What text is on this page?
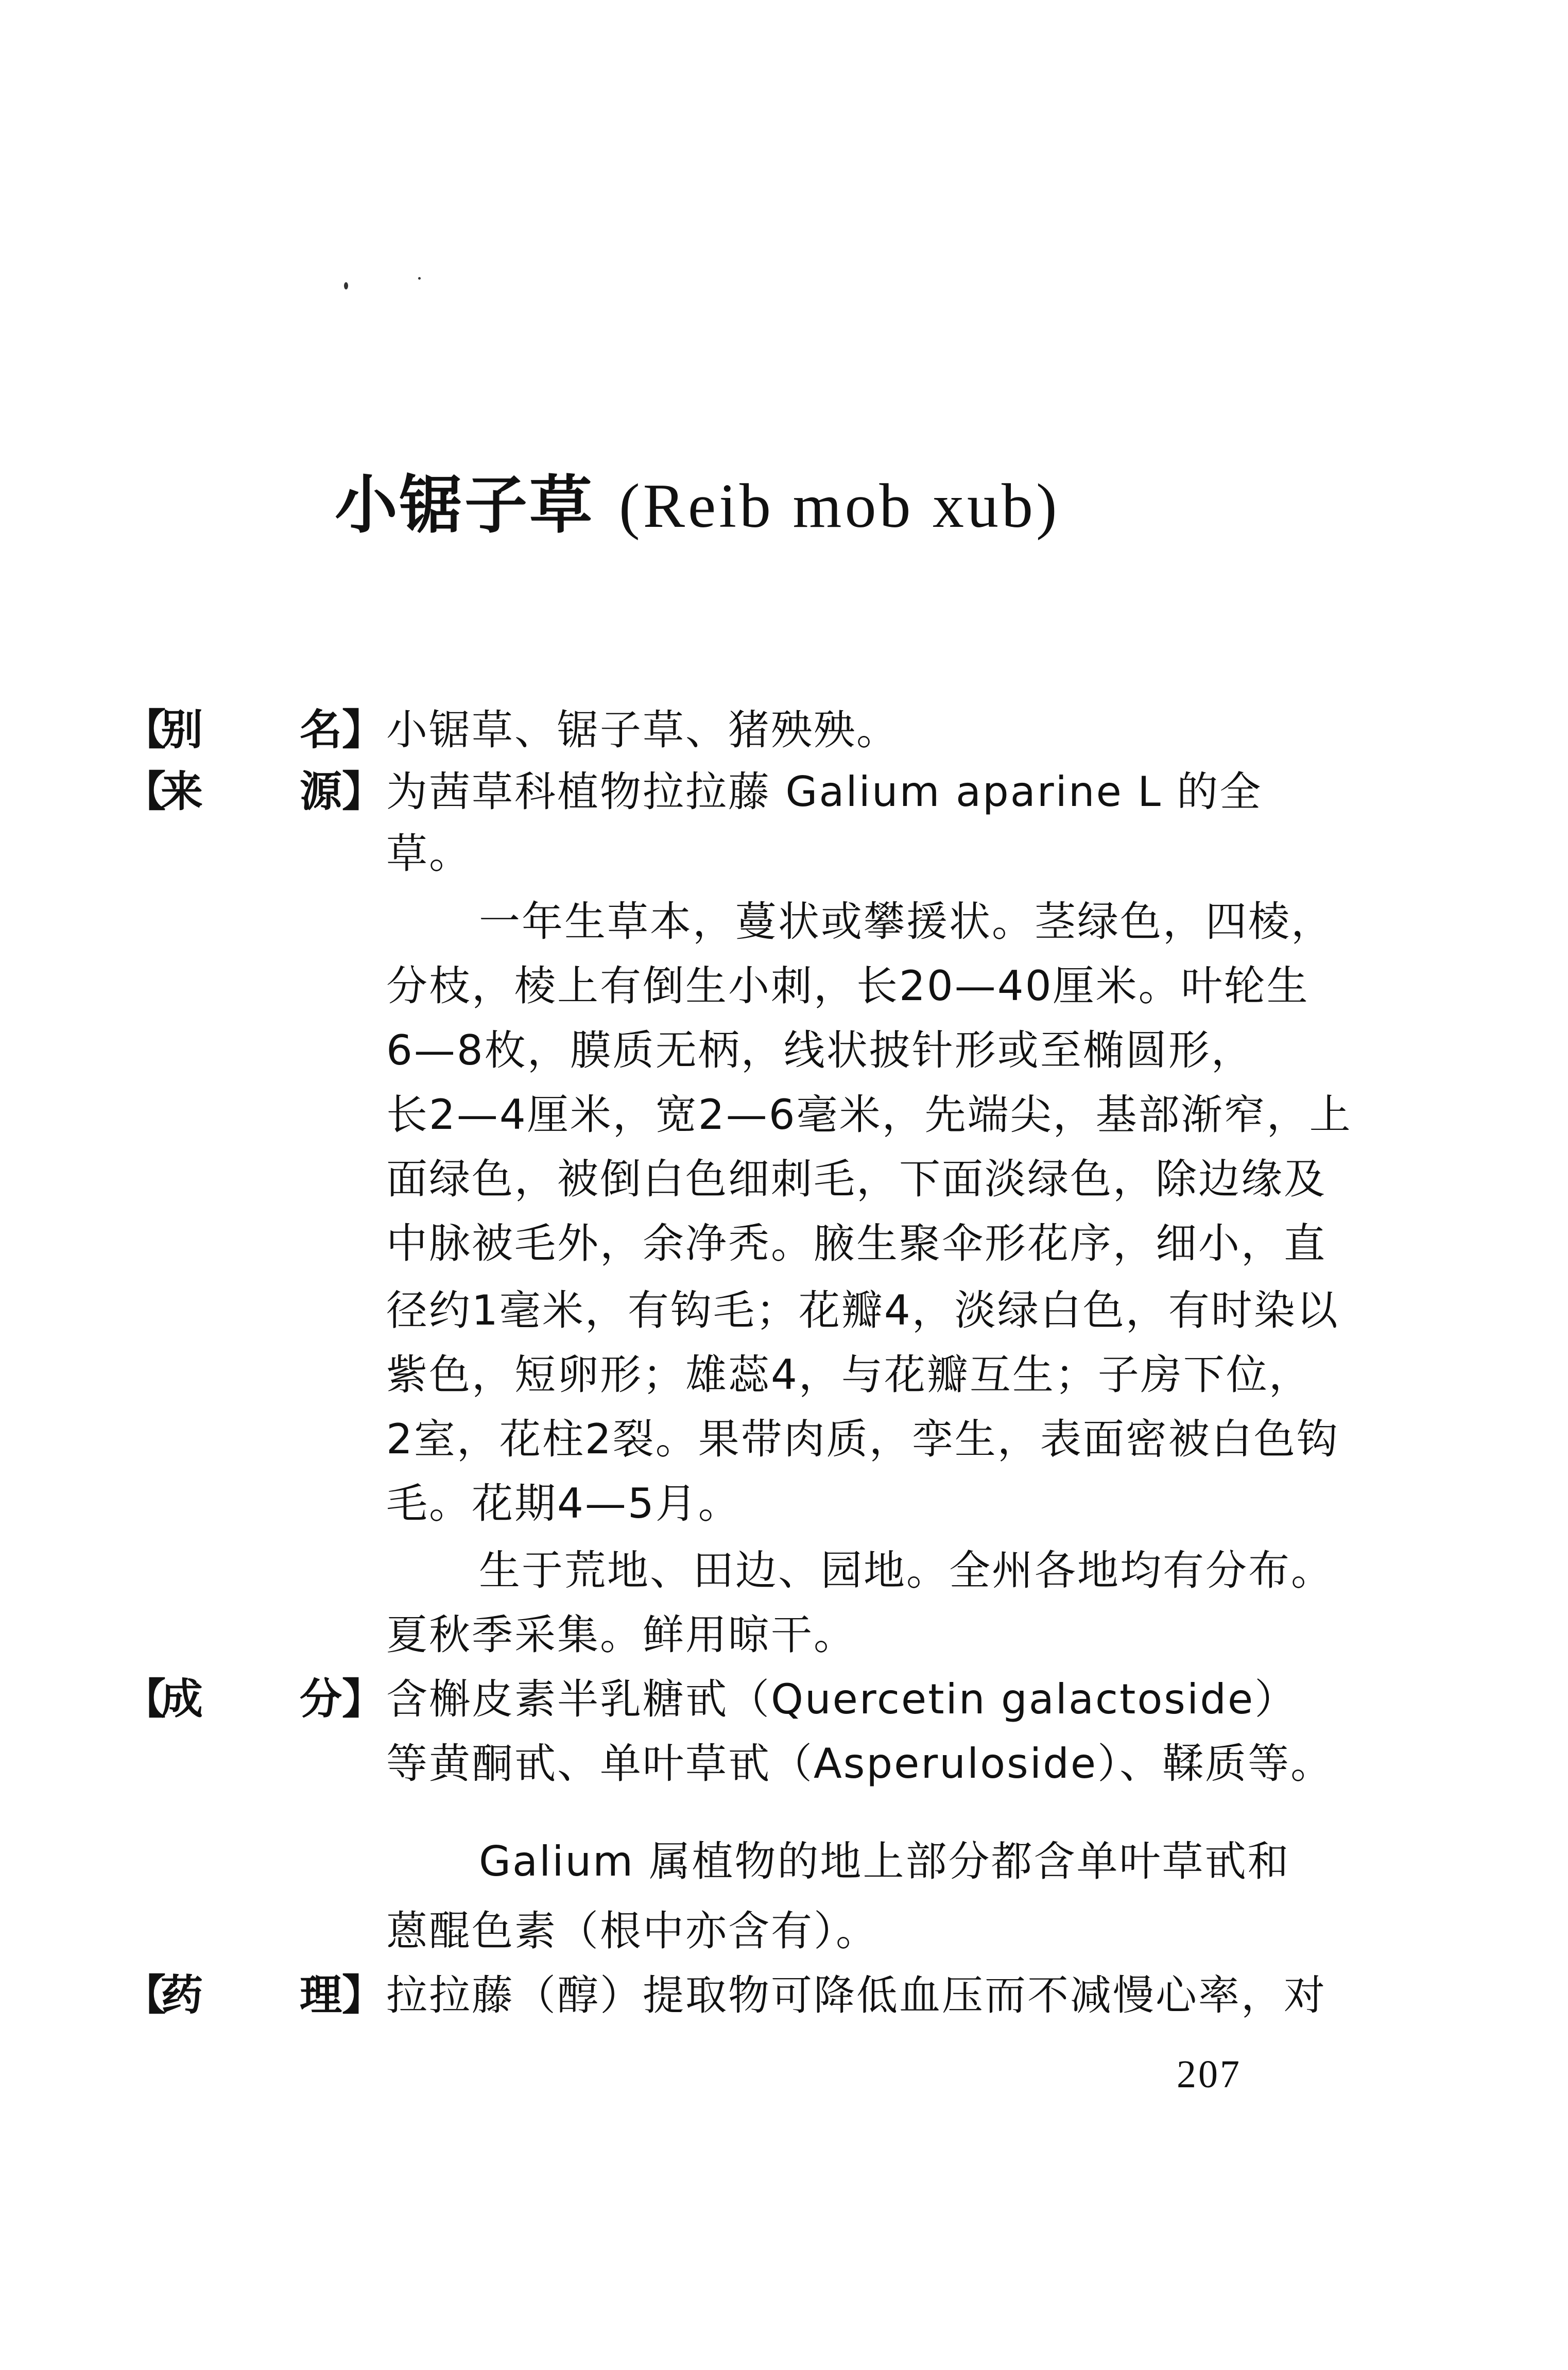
小锯子草 (Reib mob xub)
【
别 名 】 小锯草、锯子草、猪殃殃。
【
来 源 】 为茜草科植物拉拉藤 Galium aparine L 的全
草。
一年生草本，蔓状或攀援状。茎绿色，四棱，
分枝，棱上有倒生小刺，长20—40厘米。叶轮生
6—8枚，膜质无柄，线状披针形或至椭圆形，
长2—4厘米，宽2—6毫米，先端尖，基部渐窄，上
面绿色，被倒白色细刺毛，下面淡绿色，除边缘及
中脉被毛外，余净秃。腋生聚伞形花序，细小，直
径约1毫米，有钩毛；花瓣4，淡绿白色，有时染以
紫色，短卵形；雄蕊4，与花瓣互生；子房下位，
2室，花柱2裂。果带肉质，孪生，表面密被白色钩
毛。花期4—5月。
生于荒地、田边、园地。全州各地均有分布。
夏秋季采集。鲜用晾干。
【
成 分 】 含槲皮素半乳糖甙（Quercetin galactoside）
等黄酮甙、单叶草甙（Asperuloside）、鞣质等。
Galium 属植物的地上部分都含单叶草甙和
蒽醌色素（根中亦含有）。
【
药 理 】 拉拉藤（醇）提取物可降低血压而不减慢心率，对
207
